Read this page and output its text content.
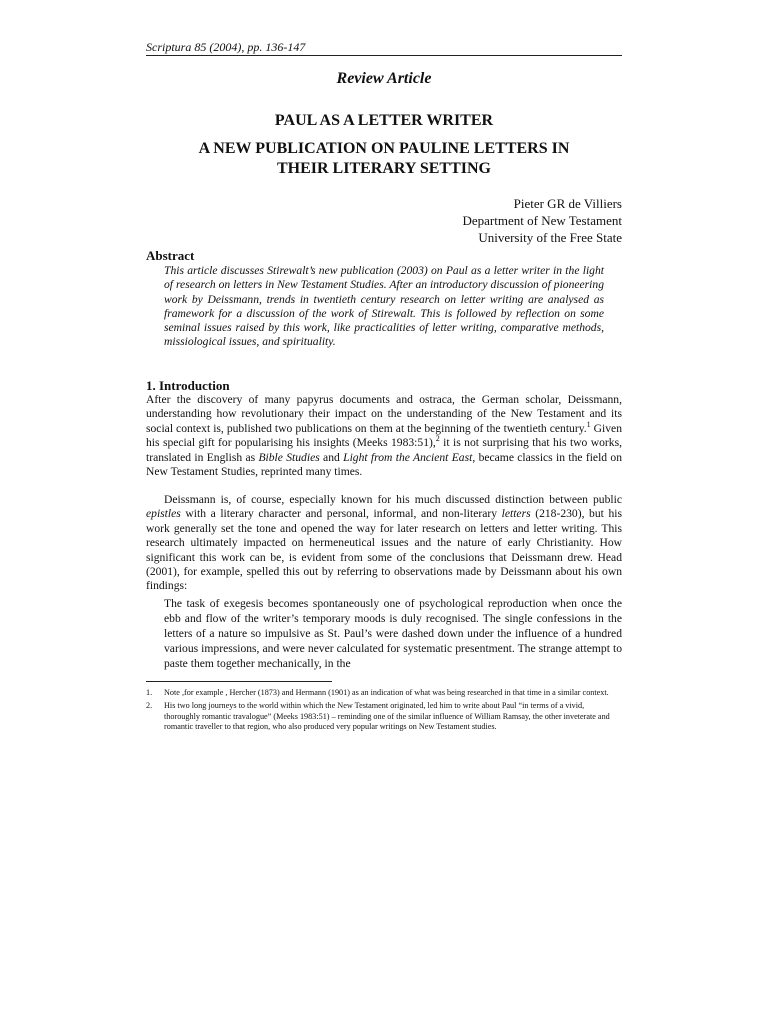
Scriptura 85 (2004), pp. 136-147
Review Article
PAUL AS A LETTER WRITER
A NEW PUBLICATION ON PAULINE LETTERS IN
THEIR LITERARY SETTING
Pieter GR de Villiers
Department of New Testament
University of the Free State
Abstract
This article discusses Stirewalt’s new publication (2003) on Paul as a letter writer in the light of research on letters in New Testament Studies. After an introductory discussion of pioneering work by Deissmann, trends in twentieth century research on letter writing are analysed as framework for a discussion of the work of Stirewalt. This is followed by reflection on some seminal issues raised by this work, like practicalities of letter writing, comparative methods, missiological issues, and spirituality.
1. Introduction
After the discovery of many papyrus documents and ostraca, the German scholar, Deissmann, understanding how revolutionary their impact on the understanding of the New Testament and its social context is, published two publications on them at the beginning of the twentieth century.$^1$ Given his special gift for popularising his insights (Meeks 1983:51),$^2$ it is not surprising that his two works, translated in English as Bible Studies and Light from the Ancient East, became classics in the field on New Testament Studies, reprinted many times.
Deissmann is, of course, especially known for his much discussed distinction between public epistles with a literary character and personal, informal, and non-literary letters (218-230), but his work generally set the tone and opened the way for later research on letters and letter writing. This research ultimately impacted on hermeneutical issues and the nature of early Christianity. How significant this work can be, is evident from some of the conclusions that Deissmann drew. Head (2001), for example, spelled this out by referring to observations made by Deissmann about his own findings:
The task of exegesis becomes spontaneously one of psychological reproduction when once the ebb and flow of the writer’s temporary moods is duly recognised. The single confessions in the letters of a nature so impulsive as St. Paul’s were dashed down under the influence of a hundred various impressions, and were never calculated for systematic presentment. The strange attempt to paste them together mechanically, in the
1.	Note ,for example , Hercher (1873) and Hermann (1901) as an indication of what was being researched in that time in a similar context.
2.	His two long journeys to the world within which the New Testament originated, led him to write about Paul “in terms of a vivid, thoroughly romantic travalogue” (Meeks 1983:51) – reminding one of the similar influence of William Ramsay, the other inveterate and romantic traveller to that region, who also produced very popular writings on New Testament studies.
